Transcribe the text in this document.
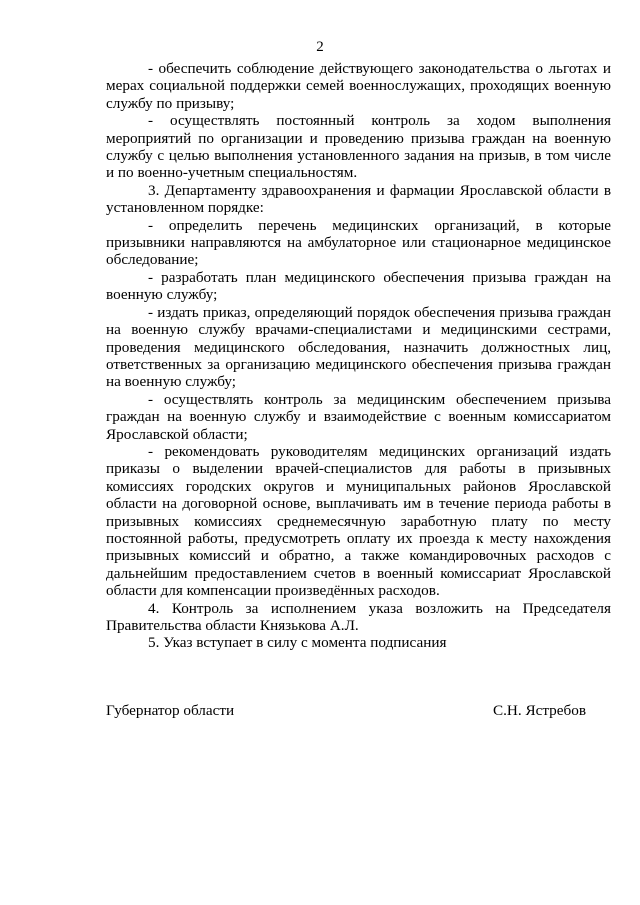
2

- обеспечить соблюдение действующего законодательства о льготах и мерах социальной поддержки семей военнослужащих, проходящих военную службу по призыву;

- осуществлять постоянный контроль за ходом выполнения мероприятий по организации и проведению призыва граждан на военную службу с целью выполнения установленного задания на призыв, в том числе и по военно-учетным специальностям.

3. Департаменту здравоохранения и фармации Ярославской области в установленном порядке:

- определить перечень медицинских организаций, в которые призывники направляются на амбулаторное или стационарное медицинское обследование;

- разработать план медицинского обеспечения призыва граждан на военную службу;

- издать приказ, определяющий порядок обеспечения призыва граждан на военную службу врачами-специалистами и медицинскими сестрами, проведения медицинского обследования, назначить должностных лиц, ответственных за организацию медицинского обеспечения призыва граждан на военную службу;

- осуществлять контроль за медицинским обеспечением призыва граждан на военную службу и взаимодействие с военным комиссариатом Ярославской области;

- рекомендовать руководителям медицинских организаций издать приказы о выделении врачей-специалистов для работы в призывных комиссиях городских округов и муниципальных районов Ярославской области на договорной основе, выплачивать им в течение периода работы в призывных комиссиях среднемесячную заработную плату по месту постоянной работы, предусмотреть оплату их проезда к месту нахождения призывных комиссий и обратно, а также командировочных расходов с дальнейшим предоставлением счетов в военный комиссариат Ярославской области для компенсации произведённых расходов.

4. Контроль за исполнением указа возложить на Председателя Правительства области Князькова А.Л.

5. Указ вступает в силу с момента подписания

Губернатор области	С.Н. Ястребов
